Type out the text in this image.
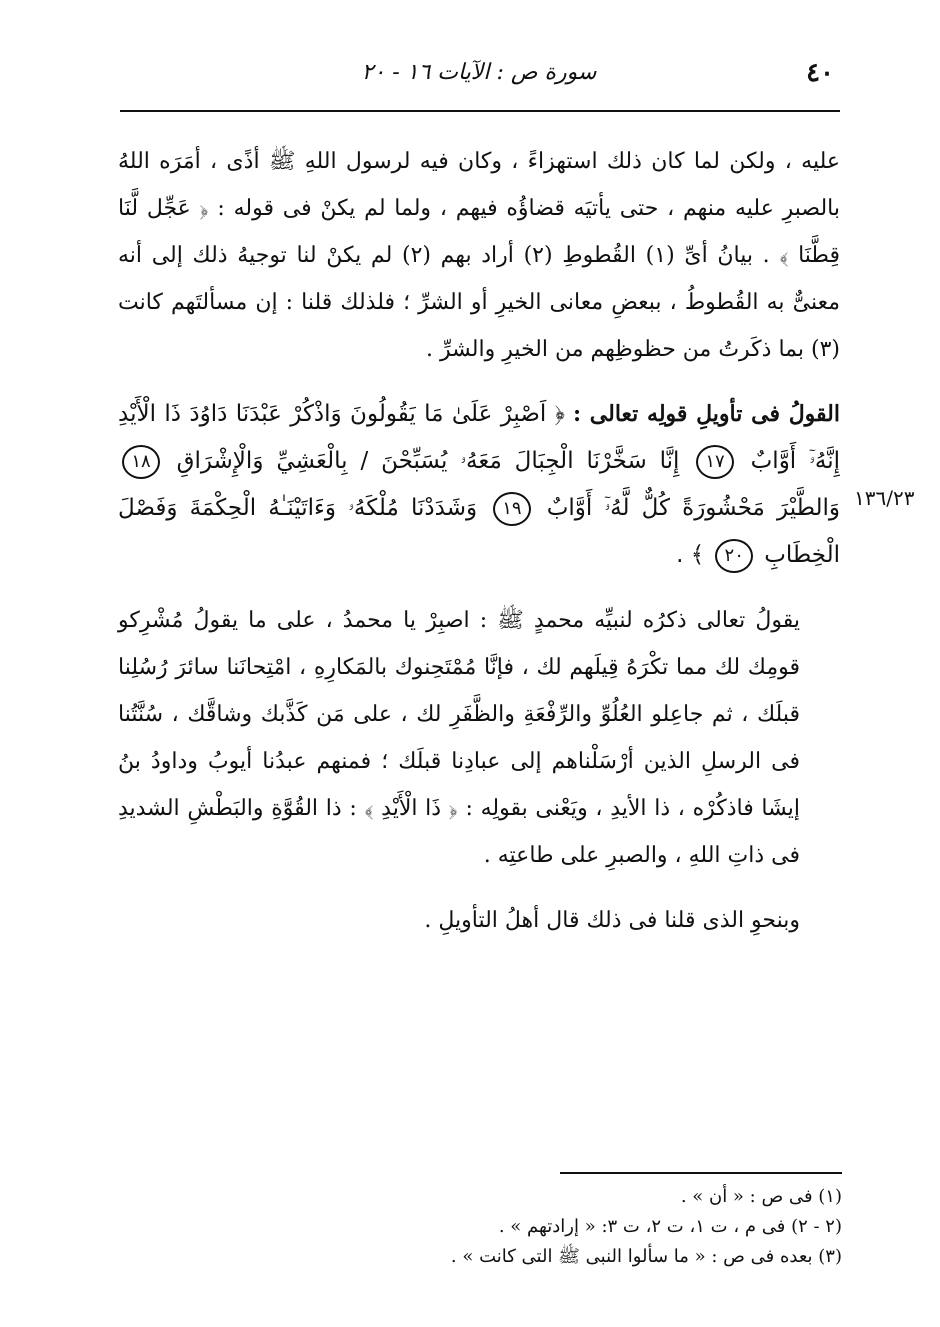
٤٠
سورة ص : الآيات ١٦ - ٢٠
١٣٦/٢٣

عليه ، ولكن لما كان ذلك استهزاءً ، وكان فيه لرسول اللهِ ﷺ أذًى ، أمَرَه اللهُ بالصبرِ عليه منهم ، حتى يأتيَه قضاؤُه فيهم ، ولما لم يكنْ فى قوله : ﴿ عَجِّل لَّنَا قِطَّنَا ﴾ . بيانُ أىِّ (١) القُطوطِ (٢) أراد بهم (٢) لم يكنْ لنا توجيهُ ذلك إلى أنه معنىٌّ به القُطوطُ ، ببعضِ معانى الخيرِ أو الشرِّ ؛ فلذلك قلنا : إن مسألتَهم كانت (٣) بما ذكَرتُ من حظوظِهم من الخيرِ والشرِّ .

القولُ فى تأويلِ قولِه تعالى : ﴿ اَصْبِرْ عَلَىٰ مَا يَقُولُونَ وَاذْكُرْ عَبْدَنَا دَاوُدَ ذَا الْأَيْدِ إِنَّهُۥٓ أَوَّابٌ ١٧ إِنَّا سَخَّرْنَا الْجِبَالَ مَعَهُۥ يُسَبِّحْنَ / بِالْعَشِيِّ وَالْإِشْرَاقِ ١٨ وَالطَّيْرَ مَحْشُورَةً كُلٌّ لَّهُۥٓ أَوَّابٌ ١٩ وَشَدَدْنَا مُلْكَهُۥ وَءَاتَيْنَـٰهُ الْحِكْمَةَ وَفَصْلَ الْخِطَابِ ٢٠ ﴾ .

يقولُ تعالى ذكرُه لنبيِّه محمدٍ ﷺ : اصبِرْ يا محمدُ ، على ما يقولُ مُشْرِكو قومِك لك مما تكْرَهُ قِيلَهم لك ، فإنَّا مُمْتَحِنوك بالمَكارِهِ ، امْتِحانَنا سائرَ رُسُلِنا قبلَك ، ثم جاعِلو العُلُوِّ والرِّفْعَةِ والظَّفَرِ لك ، على مَن كَذَّبك وشاقَّك ، سُنَّتُنا فى الرسلِ الذين أرْسَلْناهم إلى عبادِنا قبلَك ؛ فمنهم عبدُنا أيوبُ وداودُ بنُ إيشَا فاذكُرْه ، ذا الأيدِ ، ويَعْنى بقولِه : ﴿ ذَا الْأَيْدِ ﴾ : ذا القُوَّةِ والبَطْشِ الشديدِ فى ذاتِ اللهِ ، والصبرِ على طاعتِه .

وبنحوِ الذى قلنا فى ذلك قال أهلُ التأويلِ .

(١) فى ص : « أن » .

(٢ - ٢) فى م ، ت ١، ت ٢، ت ٣: « إرادتهم » .

(٣) بعده فى ص : « ما سألوا النبى ﷺ التى كانت » .
